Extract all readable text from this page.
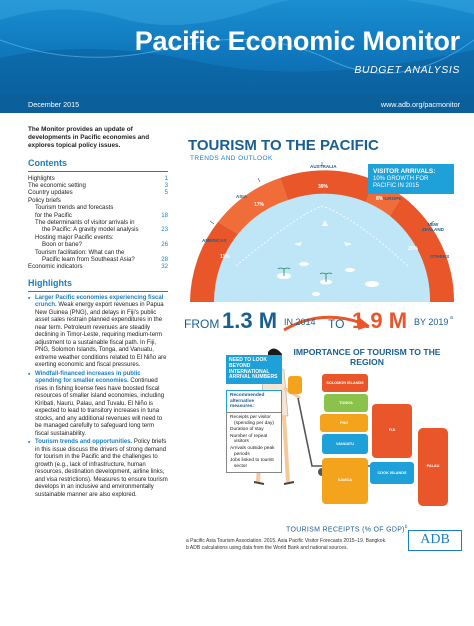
Pacific Economic Monitor
BUDGET ANALYSIS
December 2015	www.adb.org/pacmonitor
The Monitor provides an update of developments in Pacific economies and explores topical policy issues.
Contents
Highlights	1
The economic setting	3
Country updates	5
Policy briefs
Tourism trends and forecasts
for the Pacific	18
The determinants of visitor arrivals in
the Pacific: A gravity model analysis	23
Hosting major Pacific events:
Boon or bane?	26
Tourism facilitation: What can the
Pacific learn from Southeast Asia?	28
Economic indicators	32
Highlights
▪ Larger Pacific economies experiencing fiscal crunch. Weak energy export revenues in Papua New Guinea (PNG), and delays in Fiji's public asset sales restrain planned expenditures in the near term. Petroleum revenues are steadily declining in Timor-Leste, requiring medium-term adjustment to a sustainable fiscal path. In Fiji, PNG, Solomon Islands, Tonga, and Vanuatu, extreme weather conditions related to El Niño are exerting economic and fiscal pressures.
▪ Windfall-financed increases in public spending for smaller economies. Continued rises in fishing license fees have boosted fiscal resources of smaller island economies, including Kiribati, Nauru, Palau, and Tuvalu. El Niño is expected to lead to transitory increases in tuna stocks, and any additional revenues will need to be managed carefully to safeguard long term fiscal sustainability.
▪ Tourism trends and opportunities. Policy briefs in this issue discuss the drivers of strong demand for tourism in the Pacific and the challenges to growth (e.g., lack of infrastructure, human resources, destination development, airline links, and visa restrictions). Measures to ensure tourism develops in an inclusive and environmentally sustainable manner are also explored.
TOURISM TO THE PACIFIC
TRENDS AND OUTLOOK
VISITOR ARRIVALS:
10% GROWTH FOR
PACIFIC IN 2015
AMERICAS
ASIA
AUSTRALIA
EUROPE
NEW ZEALAND
OTHERS
11%
17%
39%
8%
25%
FROM 1.3 M IN 2014 TO 1.9 M BY 2019 a
IMPORTANCE OF TOURISM TO THE REGION
NEED TO LOOK BEYOND INTERNATIONAL ARRIVAL NUMBERS
Recommended alternative measures:
Receipts per visitor (spending per day)
Duration of stay
Number of repeat visitors
Arrivals outside peak periods
Jobs linked to tourist sector
SOLOMON ISLANDS
TONGA
PNG
VANUATU
FIJI
COOK ISLANDS
SAMOA
PALAU
TOURISM RECEIPTS (% OF GDP)$^b$
a Pacific Asia Tourism Association. 2015. Asia Pacific Visitor Forecasts 2015–19. Bangkok.
b ADB calculations using data from the World Bank and national sources.
ADB
